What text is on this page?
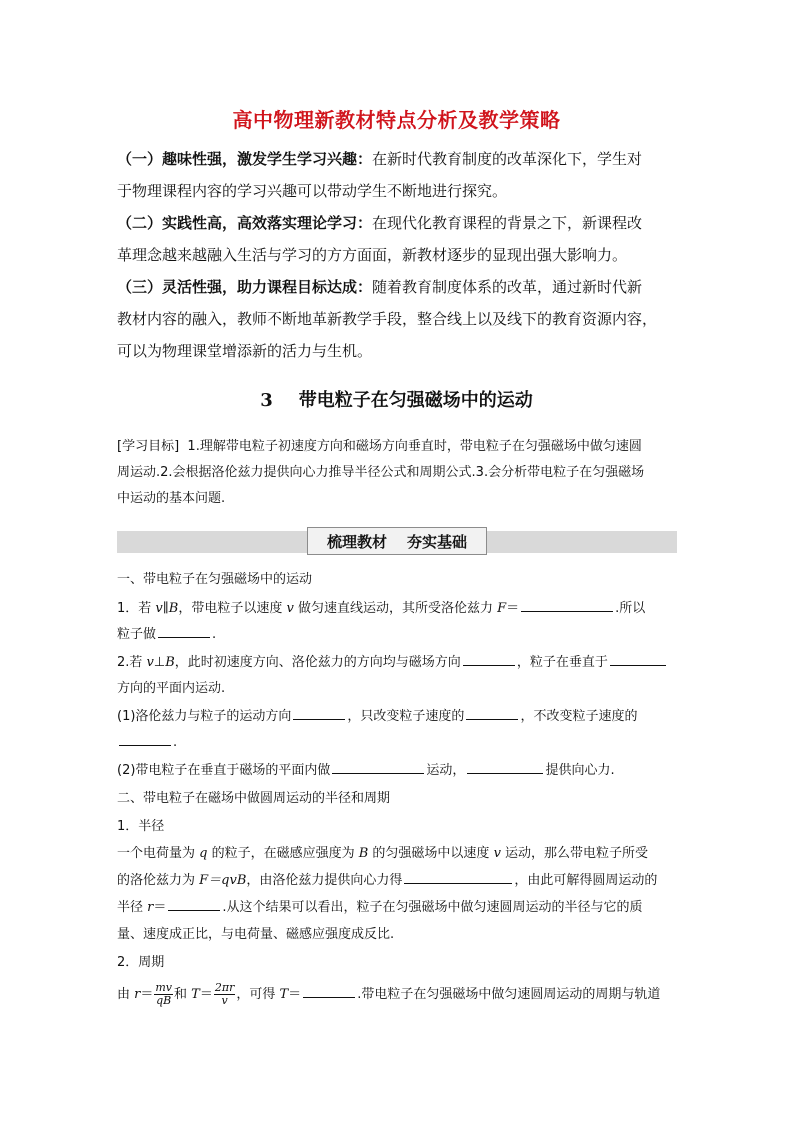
高中物理新教材特点分析及教学策略
（一）趣味性强，激发学生学习兴趣：在新时代教育制度的改革深化下，学生对
于物理课程内容的学习兴趣可以带动学生不断地进行探究。
（二）实践性高，高效落实理论学习：在现代化教育课程的背景之下，新课程改
革理念越来越融入生活与学习的方方面面，新教材逐步的显现出强大影响力。
（三）灵活性强，助力课程目标达成：随着教育制度体系的改革，通过新时代新
教材内容的融入，教师不断地革新教学手段，整合线上以及线下的教育资源内容，
可以为物理课堂增添新的活力与生机。
3 带电粒子在匀强磁场中的运动
[学习目标] 1.理解带电粒子初速度方向和磁场方向垂直时，带电粒子在匀强磁场中做匀速圆
周运动.2.会根据洛伦兹力提供向心力推导半径公式和周期公式.3.会分析带电粒子在匀强磁场
中运动的基本问题.
梳理教材 夯实基础
一、带电粒子在匀强磁场中的运动
1．若 v∥B，带电粒子以速度 v 做匀速直线运动，其所受洛伦兹力 F＝	.所以
粒子做	.
2.若 v⊥B，此时初速度方向、洛伦兹力的方向均与磁场方向	，粒子在垂直于
方向的平面内运动.
(1)洛伦兹力与粒子的运动方向	，只改变粒子速度的	，不改变粒子速度的
.
(2)带电粒子在垂直于磁场的平面内做	运动，	提供向心力.
二、带电粒子在磁场中做圆周运动的半径和周期
1．半径
一个电荷量为 q 的粒子，在磁感应强度为 B 的匀强磁场中以速度 v 运动，那么带电粒子所受
的洛伦兹力为 F＝qvB，由洛伦兹力提供向心力得	，由此可解得圆周运动的
半径 r＝	.从这个结果可以看出，粒子在匀强磁场中做匀速圆周运动的半径与它的质
量、速度成正比，与电荷量、磁感应强度成反比.
2．周期
由 $r= \frac{mv}{qB}$ 和 $T= \frac{2\pi r}{v}$ ，可得 T＝	.带电粒子在匀强磁场中做匀速圆周运动的周期与轨道
